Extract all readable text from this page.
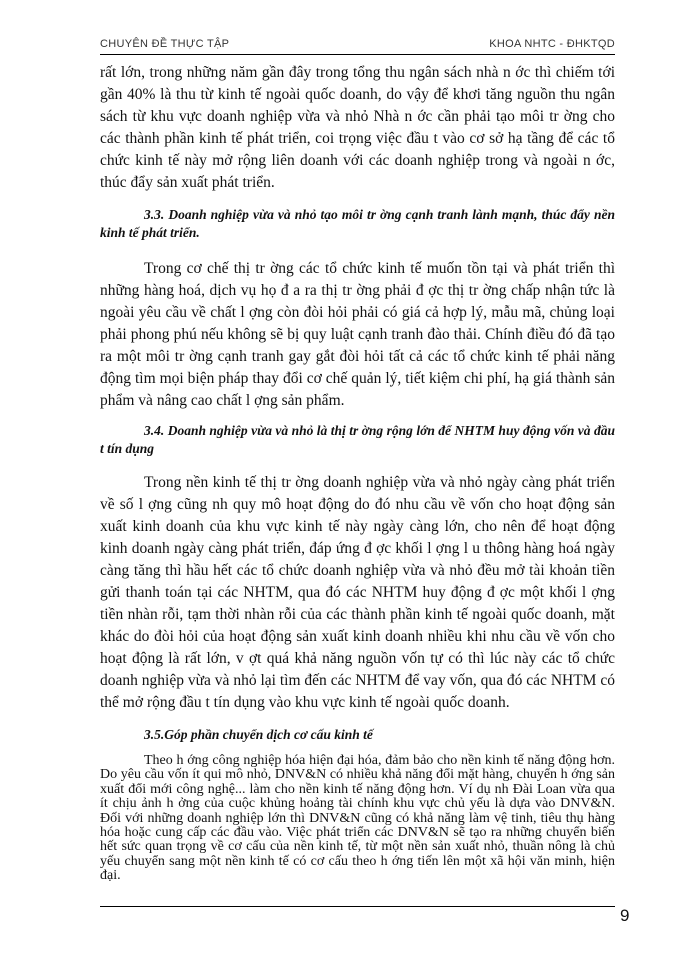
CHUYÊN ĐỀ THỰC TẬP	KHOA NHTC - ĐHKTQD

rất lớn, trong những năm gần đây trong tổng thu ngân sách nhà n ớc thì chiếm tới gần 40% là thu từ kinh tế ngoài quốc doanh, do vậy để khơi tăng nguồn thu ngân sách từ khu vực doanh nghiệp vừa và nhỏ Nhà n ớc cần phải tạo môi tr ờng cho các thành phần kinh tế phát triển, coi trọng việc đầu t vào cơ sở hạ tầng để các tổ chức kinh tế này mở rộng liên doanh với các doanh nghiệp trong và ngoài n ớc, thúc đẩy sản xuất phát triển.

3.3. Doanh nghiệp vừa và nhỏ tạo môi tr ờng cạnh tranh lành mạnh, thúc đẩy nền kinh tế phát triển.

Trong cơ chế thị tr ờng các tổ chức kinh tế muốn tồn tại và phát triển thì những hàng hoá, dịch vụ họ đ a ra thị tr ờng phải đ ợc thị tr ờng chấp nhận tức là ngoài yêu cầu về chất l ợng còn đòi hỏi phải có giá cả hợp lý, mẫu mã, chủng loại phải phong phú nếu không sẽ bị quy luật cạnh tranh đào thải. Chính điều đó đã tạo ra một môi tr ờng cạnh tranh gay gắt đòi hỏi tất cả các tổ chức kinh tế phải năng động tìm mọi biện pháp thay đổi cơ chế quản lý, tiết kiệm chi phí, hạ giá thành sản phẩm và nâng cao chất l ợng sản phẩm.

3.4. Doanh nghiệp vừa và nhỏ là thị tr ờng rộng lớn để NHTM huy động vốn và đầu t tín dụng

Trong nền kinh tế thị tr ờng doanh nghiệp vừa và nhỏ ngày càng phát triển về số l ợng cũng nh quy mô hoạt động do đó nhu cầu về vốn cho hoạt động sản xuất kinh doanh của khu vực kinh tế này ngày càng lớn, cho nên để hoạt động kinh doanh ngày càng phát triển, đáp ứng đ ợc khối l ợng l u thông hàng hoá ngày càng tăng thì hầu hết các tổ chức doanh nghiệp vừa và nhỏ đều mở tài khoản tiền gửi thanh toán tại các NHTM, qua đó các NHTM huy động đ ợc một khối l ợng tiền nhàn rỗi, tạm thời nhàn rỗi của các thành phần kinh tế ngoài quốc doanh, mặt khác do đòi hỏi của hoạt động sản xuất kinh doanh nhiều khi nhu cầu về vốn cho hoạt động là rất lớn, v ợt quá khả năng nguồn vốn tự có thì lúc này các tổ chức doanh nghiệp vừa và nhỏ lại tìm đến các NHTM để vay vốn, qua đó các NHTM có thể mở rộng đầu t tín dụng vào khu vực kinh tế ngoài quốc doanh.

3.5.Góp phần chuyển dịch cơ cấu kinh tế

Theo h ớng công nghiệp hóa hiện đại hóa, đảm bảo cho nền kinh tế năng động hơn. Do yêu cầu vốn ít qui mô nhỏ, DNV&N có nhiều khả năng đổi mặt hàng, chuyển h ớng sản xuất đổi mới công nghệ... làm cho nền kinh tế năng động hơn. Ví dụ nh Đài Loan vừa qua ít chịu ảnh h ởng của cuộc khủng hoảng tài chính khu vực chủ yếu là dựa vào DNV&N. Đối với những doanh nghiệp lớn thì DNV&N cũng có khả năng làm vệ tinh, tiêu thụ hàng hóa hoặc cung cấp các đầu vào. Việc phát triển các DNV&N sẽ tạo ra những chuyển biến hết sức quan trọng về cơ cấu của nền kinh tế, từ một nền sản xuất nhỏ, thuần nông là chủ yếu chuyển sang một nền kinh tế có cơ cấu theo h ớng tiến lên một xã hội văn minh, hiện đại.

9
